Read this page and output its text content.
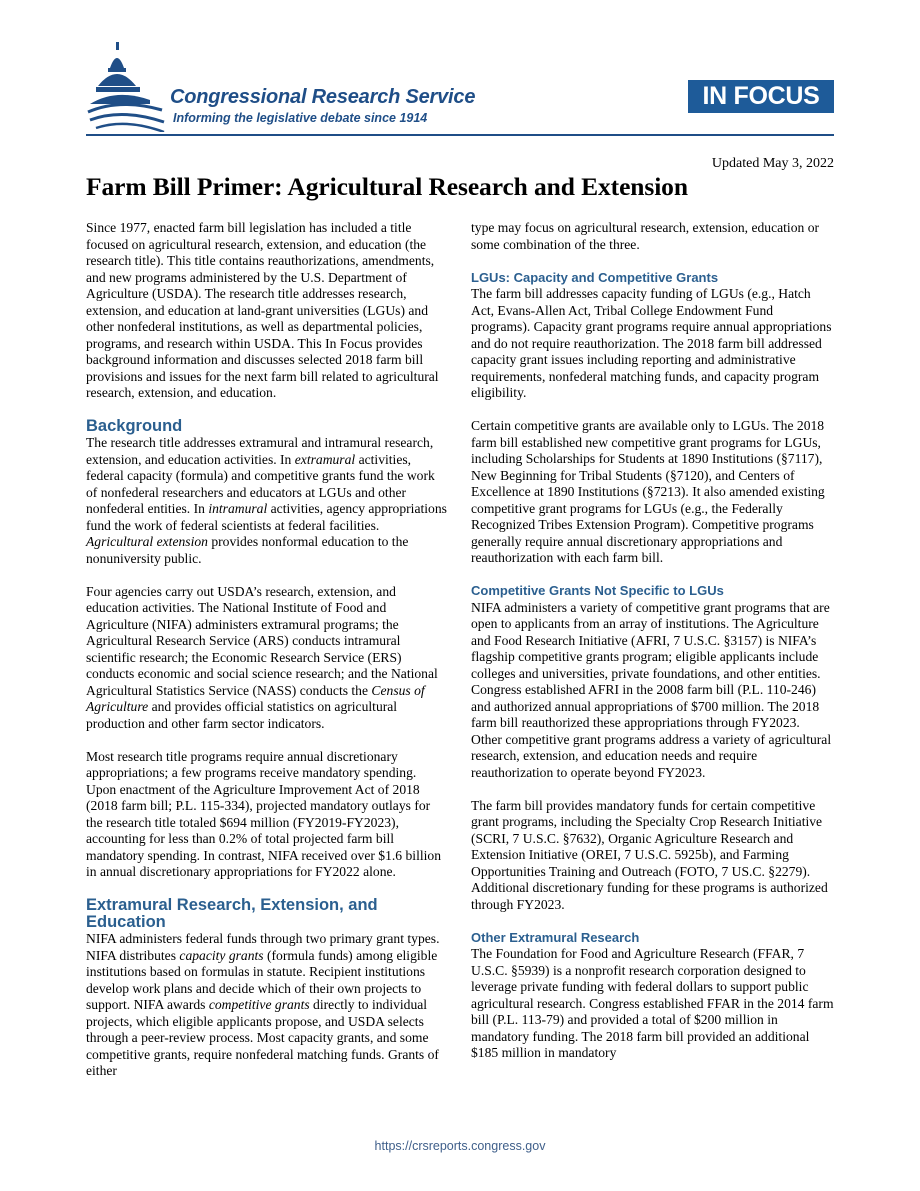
Congressional Research Service
Informing the legislative debate since 1914
IN FOCUS
Updated May 3, 2022
Farm Bill Primer: Agricultural Research and Extension

Since 1977, enacted farm bill legislation has included a title focused on agricultural research, extension, and education (the research title). This title contains reauthorizations, amendments, and new programs administered by the U.S. Department of Agriculture (USDA). The research title addresses research, extension, and education at land-grant universities (LGUs) and other nonfederal institutions, as well as departmental policies, programs, and research within USDA. This In Focus provides background information and discusses selected 2018 farm bill provisions and issues for the next farm bill related to agricultural research, extension, and education.

Background

The research title addresses extramural and intramural research, extension, and education activities. In extramural activities, federal capacity (formula) and competitive grants fund the work of nonfederal researchers and educators at LGUs and other nonfederal entities. In intramural activities, agency appropriations fund the work of federal scientists at federal facilities. Agricultural extension provides nonformal education to the nonuniversity public.

Four agencies carry out USDA’s research, extension, and education activities. The National Institute of Food and Agriculture (NIFA) administers extramural programs; the Agricultural Research Service (ARS) conducts intramural scientific research; the Economic Research Service (ERS) conducts economic and social science research; and the National Agricultural Statistics Service (NASS) conducts the Census of Agriculture and provides official statistics on agricultural production and other farm sector indicators.

Most research title programs require annual discretionary appropriations; a few programs receive mandatory spending. Upon enactment of the Agriculture Improvement Act of 2018 (2018 farm bill; P.L. 115-334), projected mandatory outlays for the research title totaled $694 million (FY2019-FY2023), accounting for less than 0.2% of total projected farm bill mandatory spending. In contrast, NIFA received over $1.6 billion in annual discretionary appropriations for FY2022 alone.

Extramural Research, Extension, and Education

NIFA administers federal funds through two primary grant types. NIFA distributes capacity grants (formula funds) among eligible institutions based on formulas in statute. Recipient institutions develop work plans and decide which of their own projects to support. NIFA awards competitive grants directly to individual projects, which eligible applicants propose, and USDA selects through a peer-review process. Most capacity grants, and some competitive grants, require nonfederal matching funds. Grants of either

type may focus on agricultural research, extension, education or some combination of the three.

LGUs: Capacity and Competitive Grants

The farm bill addresses capacity funding of LGUs (e.g., Hatch Act, Evans-Allen Act, Tribal College Endowment Fund programs). Capacity grant programs require annual appropriations and do not require reauthorization. The 2018 farm bill addressed capacity grant issues including reporting and administrative requirements, nonfederal matching funds, and capacity program eligibility.

Certain competitive grants are available only to LGUs. The 2018 farm bill established new competitive grant programs for LGUs, including Scholarships for Students at 1890 Institutions (§7117), New Beginning for Tribal Students (§7120), and Centers of Excellence at 1890 Institutions (§7213). It also amended existing competitive grant programs for LGUs (e.g., the Federally Recognized Tribes Extension Program). Competitive programs generally require annual discretionary appropriations and reauthorization with each farm bill.

Competitive Grants Not Specific to LGUs

NIFA administers a variety of competitive grant programs that are open to applicants from an array of institutions. The Agriculture and Food Research Initiative (AFRI, 7 U.S.C. §3157) is NIFA’s flagship competitive grants program; eligible applicants include colleges and universities, private foundations, and other entities. Congress established AFRI in the 2008 farm bill (P.L. 110-246) and authorized annual appropriations of $700 million. The 2018 farm bill reauthorized these appropriations through FY2023. Other competitive grant programs address a variety of agricultural research, extension, and education needs and require reauthorization to operate beyond FY2023.

The farm bill provides mandatory funds for certain competitive grant programs, including the Specialty Crop Research Initiative (SCRI, 7 U.S.C. §7632), Organic Agriculture Research and Extension Initiative (OREI, 7 U.S.C. 5925b), and Farming Opportunities Training and Outreach (FOTO, 7 US.C. §2279). Additional discretionary funding for these programs is authorized through FY2023.

Other Extramural Research

The Foundation for Food and Agriculture Research (FFAR, 7 U.S.C. §5939) is a nonprofit research corporation designed to leverage private funding with federal dollars to support public agricultural research. Congress established FFAR in the 2014 farm bill (P.L. 113-79) and provided a total of $200 million in mandatory funding. The 2018 farm bill provided an additional $185 million in mandatory

https://crsreports.congress.gov
